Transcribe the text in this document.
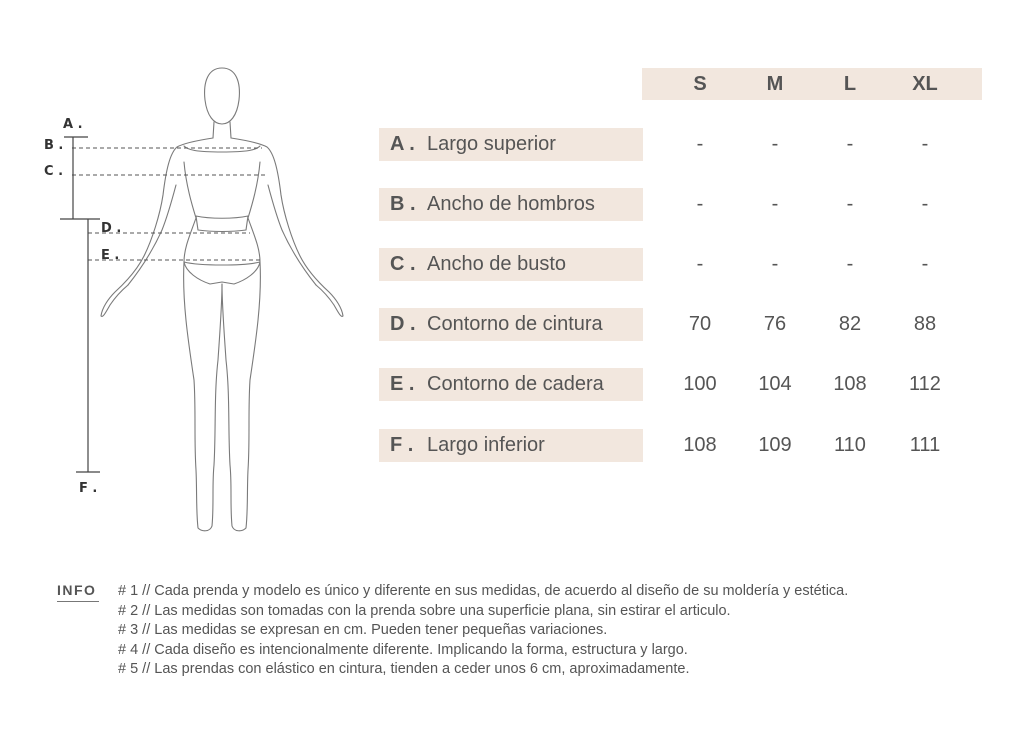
A .
B .
C .
D .
E .
F .
S	M	L	XL
A . Largo superior	-	-	-	-
B . Ancho de hombros	-	-	-	-
C . Ancho de busto	-	-	-	-
D . Contorno de cintura	70	76	82	88
E . Contorno de cadera	100	104	108	112
F . Largo inferior	108	109	110	111
INFO # 1 // Cada prenda y modelo es único y diferente en sus medidas, de acuerdo al diseño de su moldería y estética.
# 2 // Las medidas son tomadas con la prenda sobre una superficie plana, sin estirar el articulo.
# 3 // Las medidas se expresan en cm. Pueden tener pequeñas variaciones.
# 4 // Cada diseño es intencionalmente diferente. Implicando la forma, estructura y largo.
# 5 // Las prendas con elástico en cintura, tienden a ceder unos 6 cm, aproximadamente.
